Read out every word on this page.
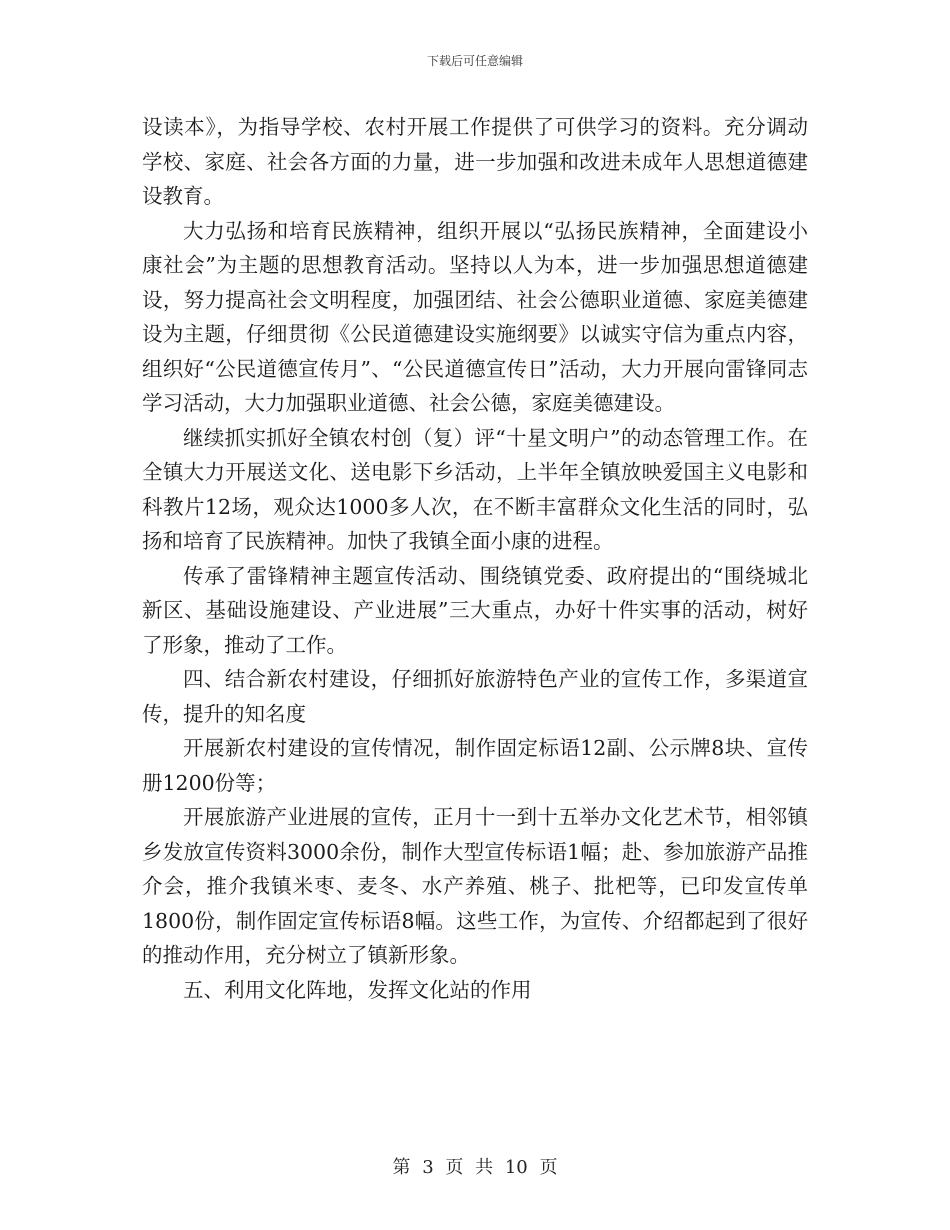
下载后可任意编辑

设读本》，为指导学校、农村开展工作提供了可供学习的资料。充分调动学校、家庭、社会各方面的力量，进一步加强和改进未成年人思想道德建设教育。

大力弘扬和培育民族精神，组织开展以“弘扬民族精神，全面建设小康社会”为主题的思想教育活动。坚持以人为本，进一步加强思想道德建设，努力提高社会文明程度，加强团结、社会公德职业道德、家庭美德建设为主题，仔细贯彻《公民道德建设实施纲要》以诚实守信为重点内容，组织好“公民道德宣传月”、“公民道德宣传日”活动，大力开展向雷锋同志学习活动，大力加强职业道德、社会公德，家庭美德建设。

继续抓实抓好全镇农村创（复）评“十星文明户”的动态管理工作。在全镇大力开展送文化、送电影下乡活动，上半年全镇放映爱国主义电影和科教片12场，观众达1000多人次，在不断丰富群众文化生活的同时，弘扬和培育了民族精神。加快了我镇全面小康的进程。

传承了雷锋精神主题宣传活动、围绕镇党委、政府提出的“围绕城北新区、基础设施建设、产业进展”三大重点，办好十件实事的活动，树好了形象，推动了工作。

四、结合新农村建设，仔细抓好旅游特色产业的宣传工作，多渠道宣传，提升的知名度

开展新农村建设的宣传情况，制作固定标语12副、公示牌8块、宣传册1200份等；

开展旅游产业进展的宣传，正月十一到十五举办文化艺术节，相邻镇乡发放宣传资料3000余份，制作大型宣传标语1幅；赴、参加旅游产品推介会，推介我镇米枣、麦冬、水产养殖、桃子、批杷等，已印发宣传单1800份，制作固定宣传标语8幅。这些工作，为宣传、介绍都起到了很好的推动作用，充分树立了镇新形象。

五、利用文化阵地，发挥文化站的作用

第 3 页 共 10 页
